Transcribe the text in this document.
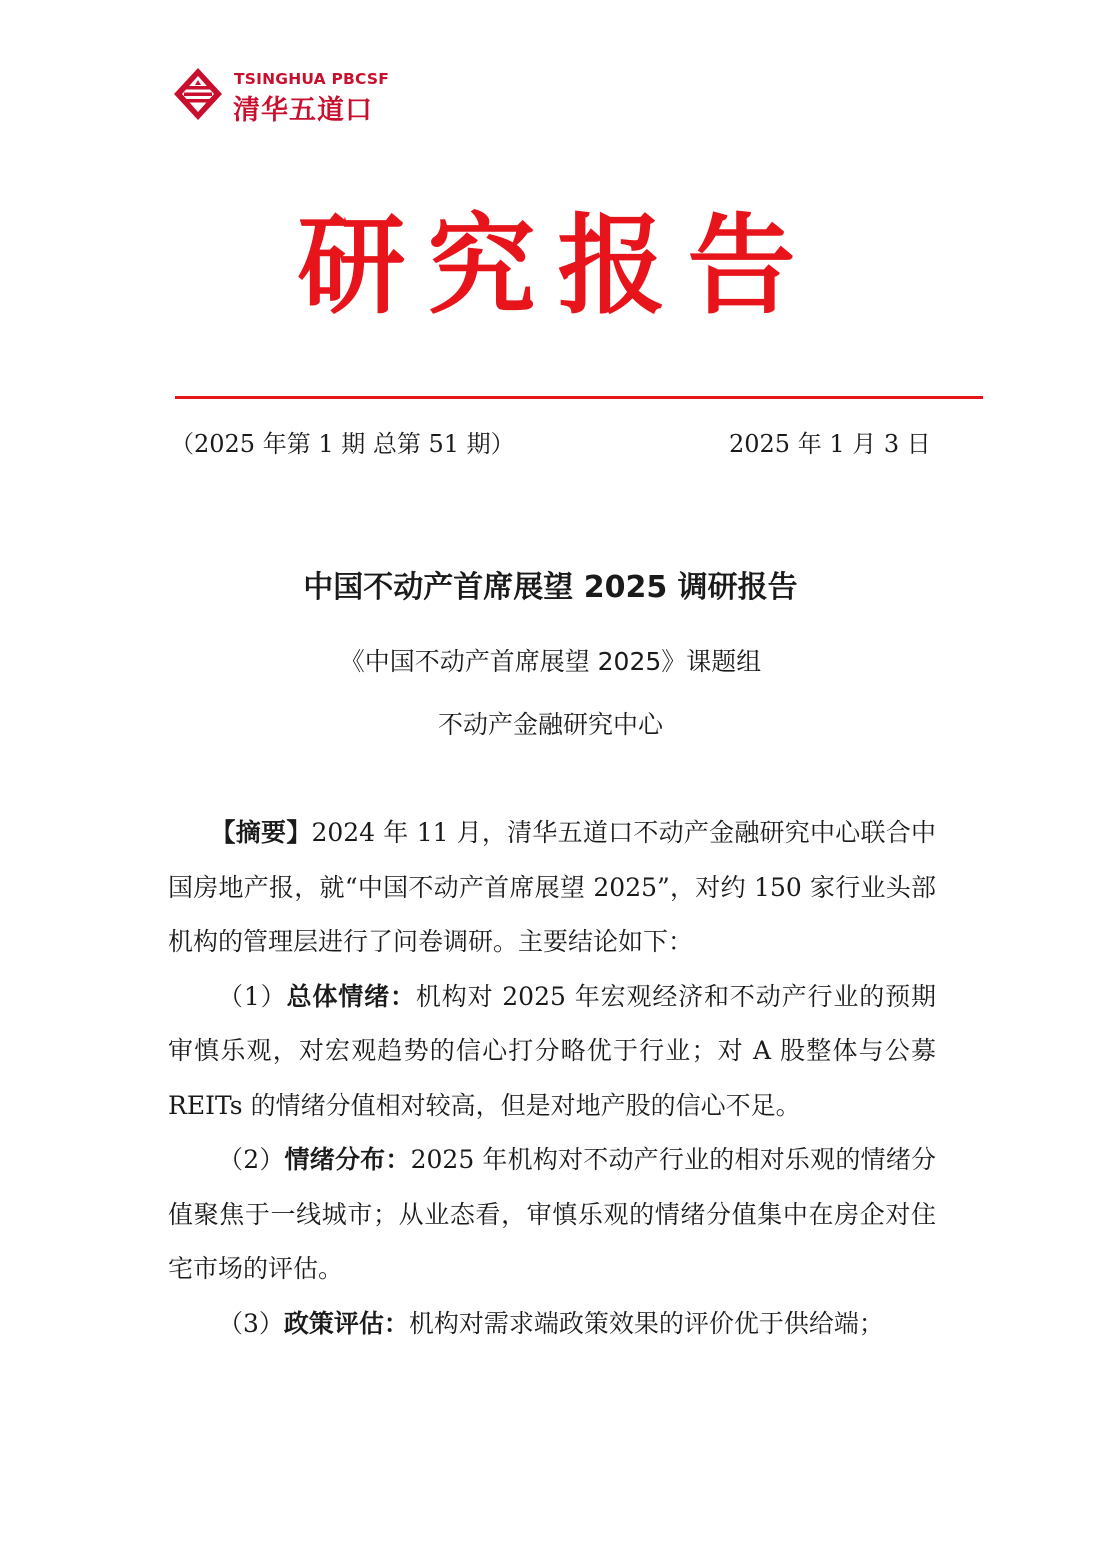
TSINGHUA PBCSF
清华五道口
研究报告
（2025 年第 1 期 总第 51 期）	2025 年 1 月 3 日
中国不动产首席展望 2025 调研报告
《中国不动产首席展望 2025》课题组
不动产金融研究中心

【摘要】2024 年 11 月，清华五道口不动产金融研究中心联合中国房地产报，就“中国不动产首席展望 2025”，对约 150 家行业头部机构的管理层进行了问卷调研。主要结论如下：

（1）总体情绪：机构对 2025 年宏观经济和不动产行业的预期审慎乐观，对宏观趋势的信心打分略优于行业；对 A 股整体与公募 REITs 的情绪分值相对较高，但是对地产股的信心不足。

（2）情绪分布：2025 年机构对不动产行业的相对乐观的情绪分值聚焦于一线城市；从业态看，审慎乐观的情绪分值集中在房企对住宅市场的评估。

（3）政策评估：机构对需求端政策效果的评价优于供给端；
